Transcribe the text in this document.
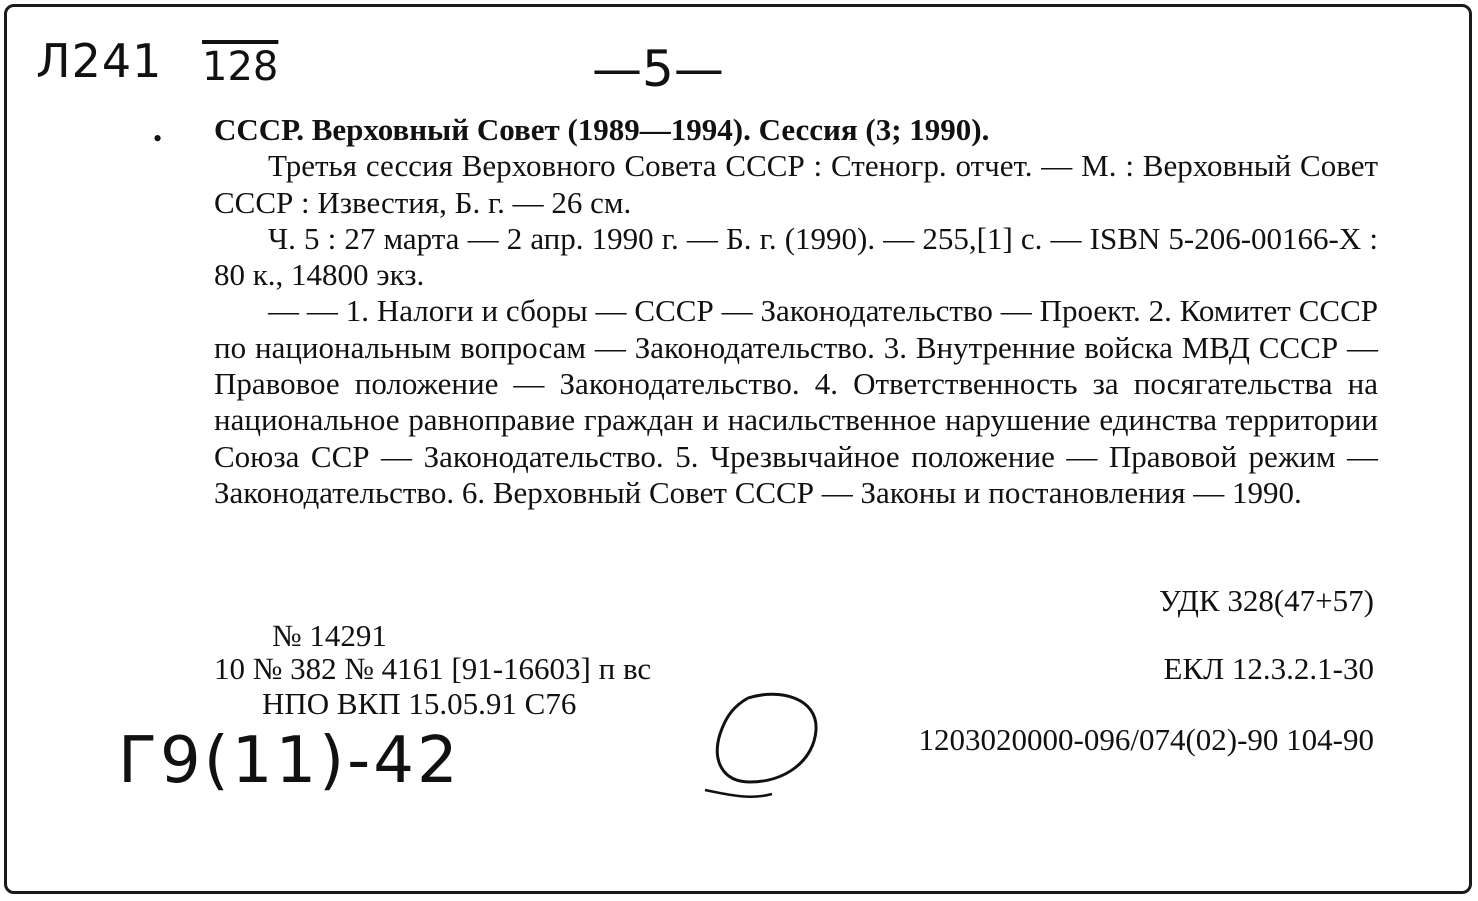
Л241 128	—5—
• СССР. Верховный Совет (1989—1994). Сессия (3; 1990).

Третья сессия Верховного Совета СССР : Стеногр. отчет. — М. : Верховный Совет СССР : Известия, Б. г. — 26 см.

Ч. 5 : 27 марта — 2 апр. 1990 г. — Б. г. (1990). — 255,[1] с. — ISBN 5-206-00166-X : 80 к., 14800 экз.

— — 1. Налоги и сборы — СССР — Законодательство — Проект. 2. Комитет СССР по национальным вопросам — Законодательство. 3. Внутренние войска МВД СССР — Правовое положение — Законодательство. 4. Ответственность за посягательства на национальное равноправие граждан и насильственное нарушение единства территории Союза ССР — Законодательство. 5. Чрезвычайное положение — Правовой режим — Законодательство. 6. Верховный Совет СССР — Законы и постановления — 1990.

УДК 328(47+57)
№ 14291
10 № 382 № 4161 [91-16603] п вс	ЕКЛ 12.3.2.1-30
НПО ВКП 15.05.91 С76
1203020000-096/074(02)-90 104-90
Г9(11)-42
